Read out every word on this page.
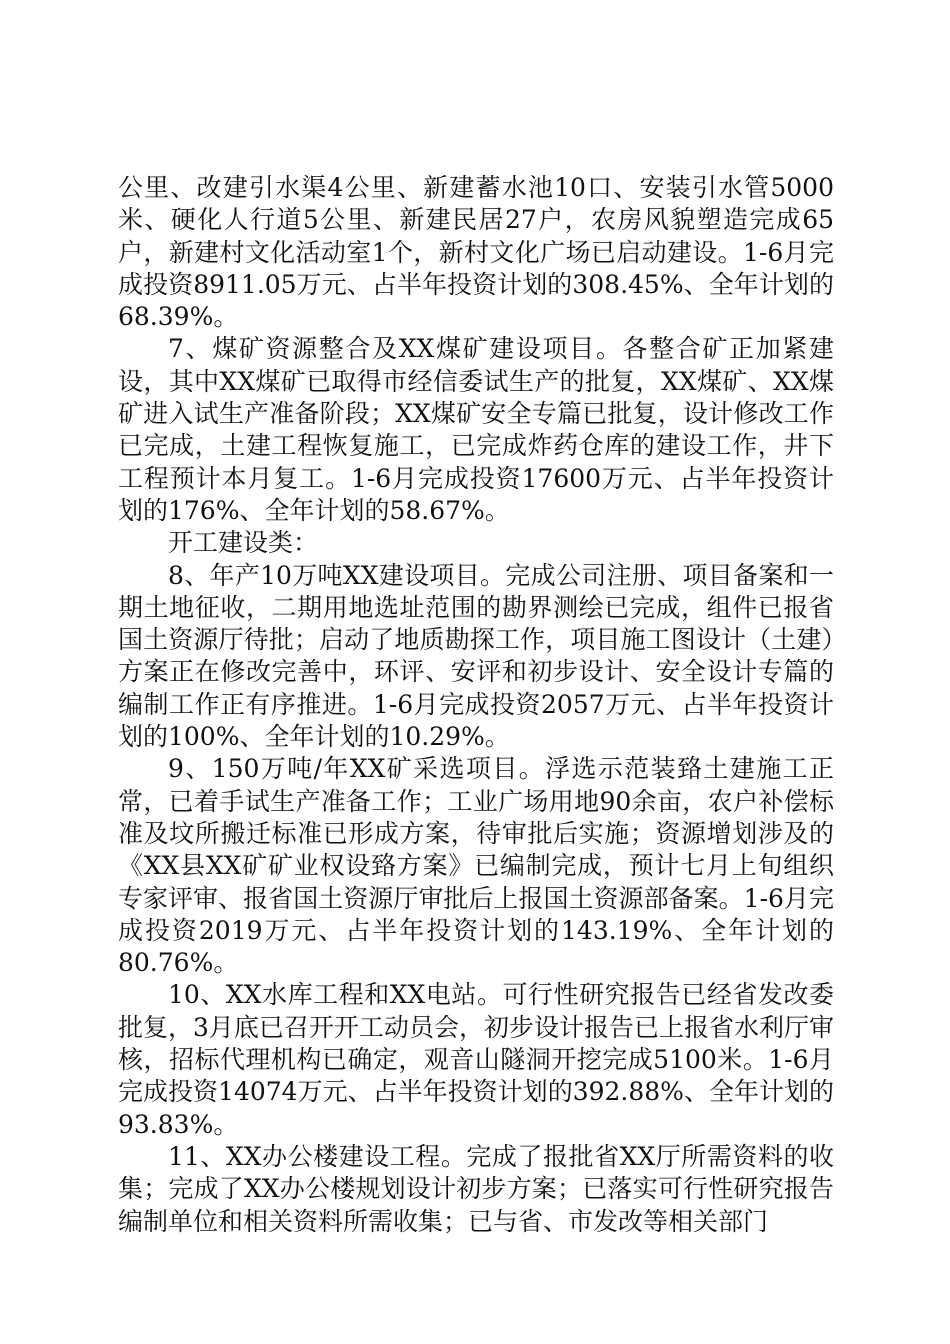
公里、改建引水渠4公里、新建蓄水池10口、安装引水管5000米、硬化人行道5公里、新建民居27户，农房风貌塑造完成65户，新建村文化活动室1个，新村文化广场已启动建设。1-6月完成投资8911.05万元、占半年投资计划的308.45%、全年计划的68.39%。

7、煤矿资源整合及XX煤矿建设项目。各整合矿正加紧建设，其中XX煤矿已取得市经信委试生产的批复，XX煤矿、XX煤矿进入试生产准备阶段；XX煤矿安全专篇已批复，设计修改工作已完成，土建工程恢复施工，已完成炸药仓库的建设工作，井下工程预计本月复工。1-6月完成投资17600万元、占半年投资计划的176%、全年计划的58.67%。

开工建设类：

8、年产10万吨XX建设项目。完成公司注册、项目备案和一期土地征收，二期用地选址范围的勘界测绘已完成，组件已报省国土资源厅待批；启动了地质勘探工作，项目施工图设计（土建）方案正在修改完善中，环评、安评和初步设计、安全设计专篇的编制工作正有序推进。1-6月完成投资2057万元、占半年投资计划的100%、全年计划的10.29%。

9、150万吨/年XX矿采选项目。浮选示范装臵土建施工正常，已着手试生产准备工作；工业广场用地90余亩，农户补偿标准及坟所搬迁标准已形成方案，待审批后实施；资源增划涉及的《XX县XX矿矿业权设臵方案》已编制完成，预计七月上旬组织专家评审、报省国土资源厅审批后上报国土资源部备案。1-6月完成投资2019万元、占半年投资计划的143.19%、全年计划的80.76%。

10、XX水库工程和XX电站。可行性研究报告已经省发改委批复，3月底已召开开工动员会，初步设计报告已上报省水利厅审核，招标代理机构已确定，观音山隧洞开挖完成5100米。1-6月完成投资14074万元、占半年投资计划的392.88%、全年计划的93.83%。

11、XX办公楼建设工程。完成了报批省XX厅所需资料的收集；完成了XX办公楼规划设计初步方案；已落实可行性研究报告编制单位和相关资料所需收集；已与省、市发改等相关部门
